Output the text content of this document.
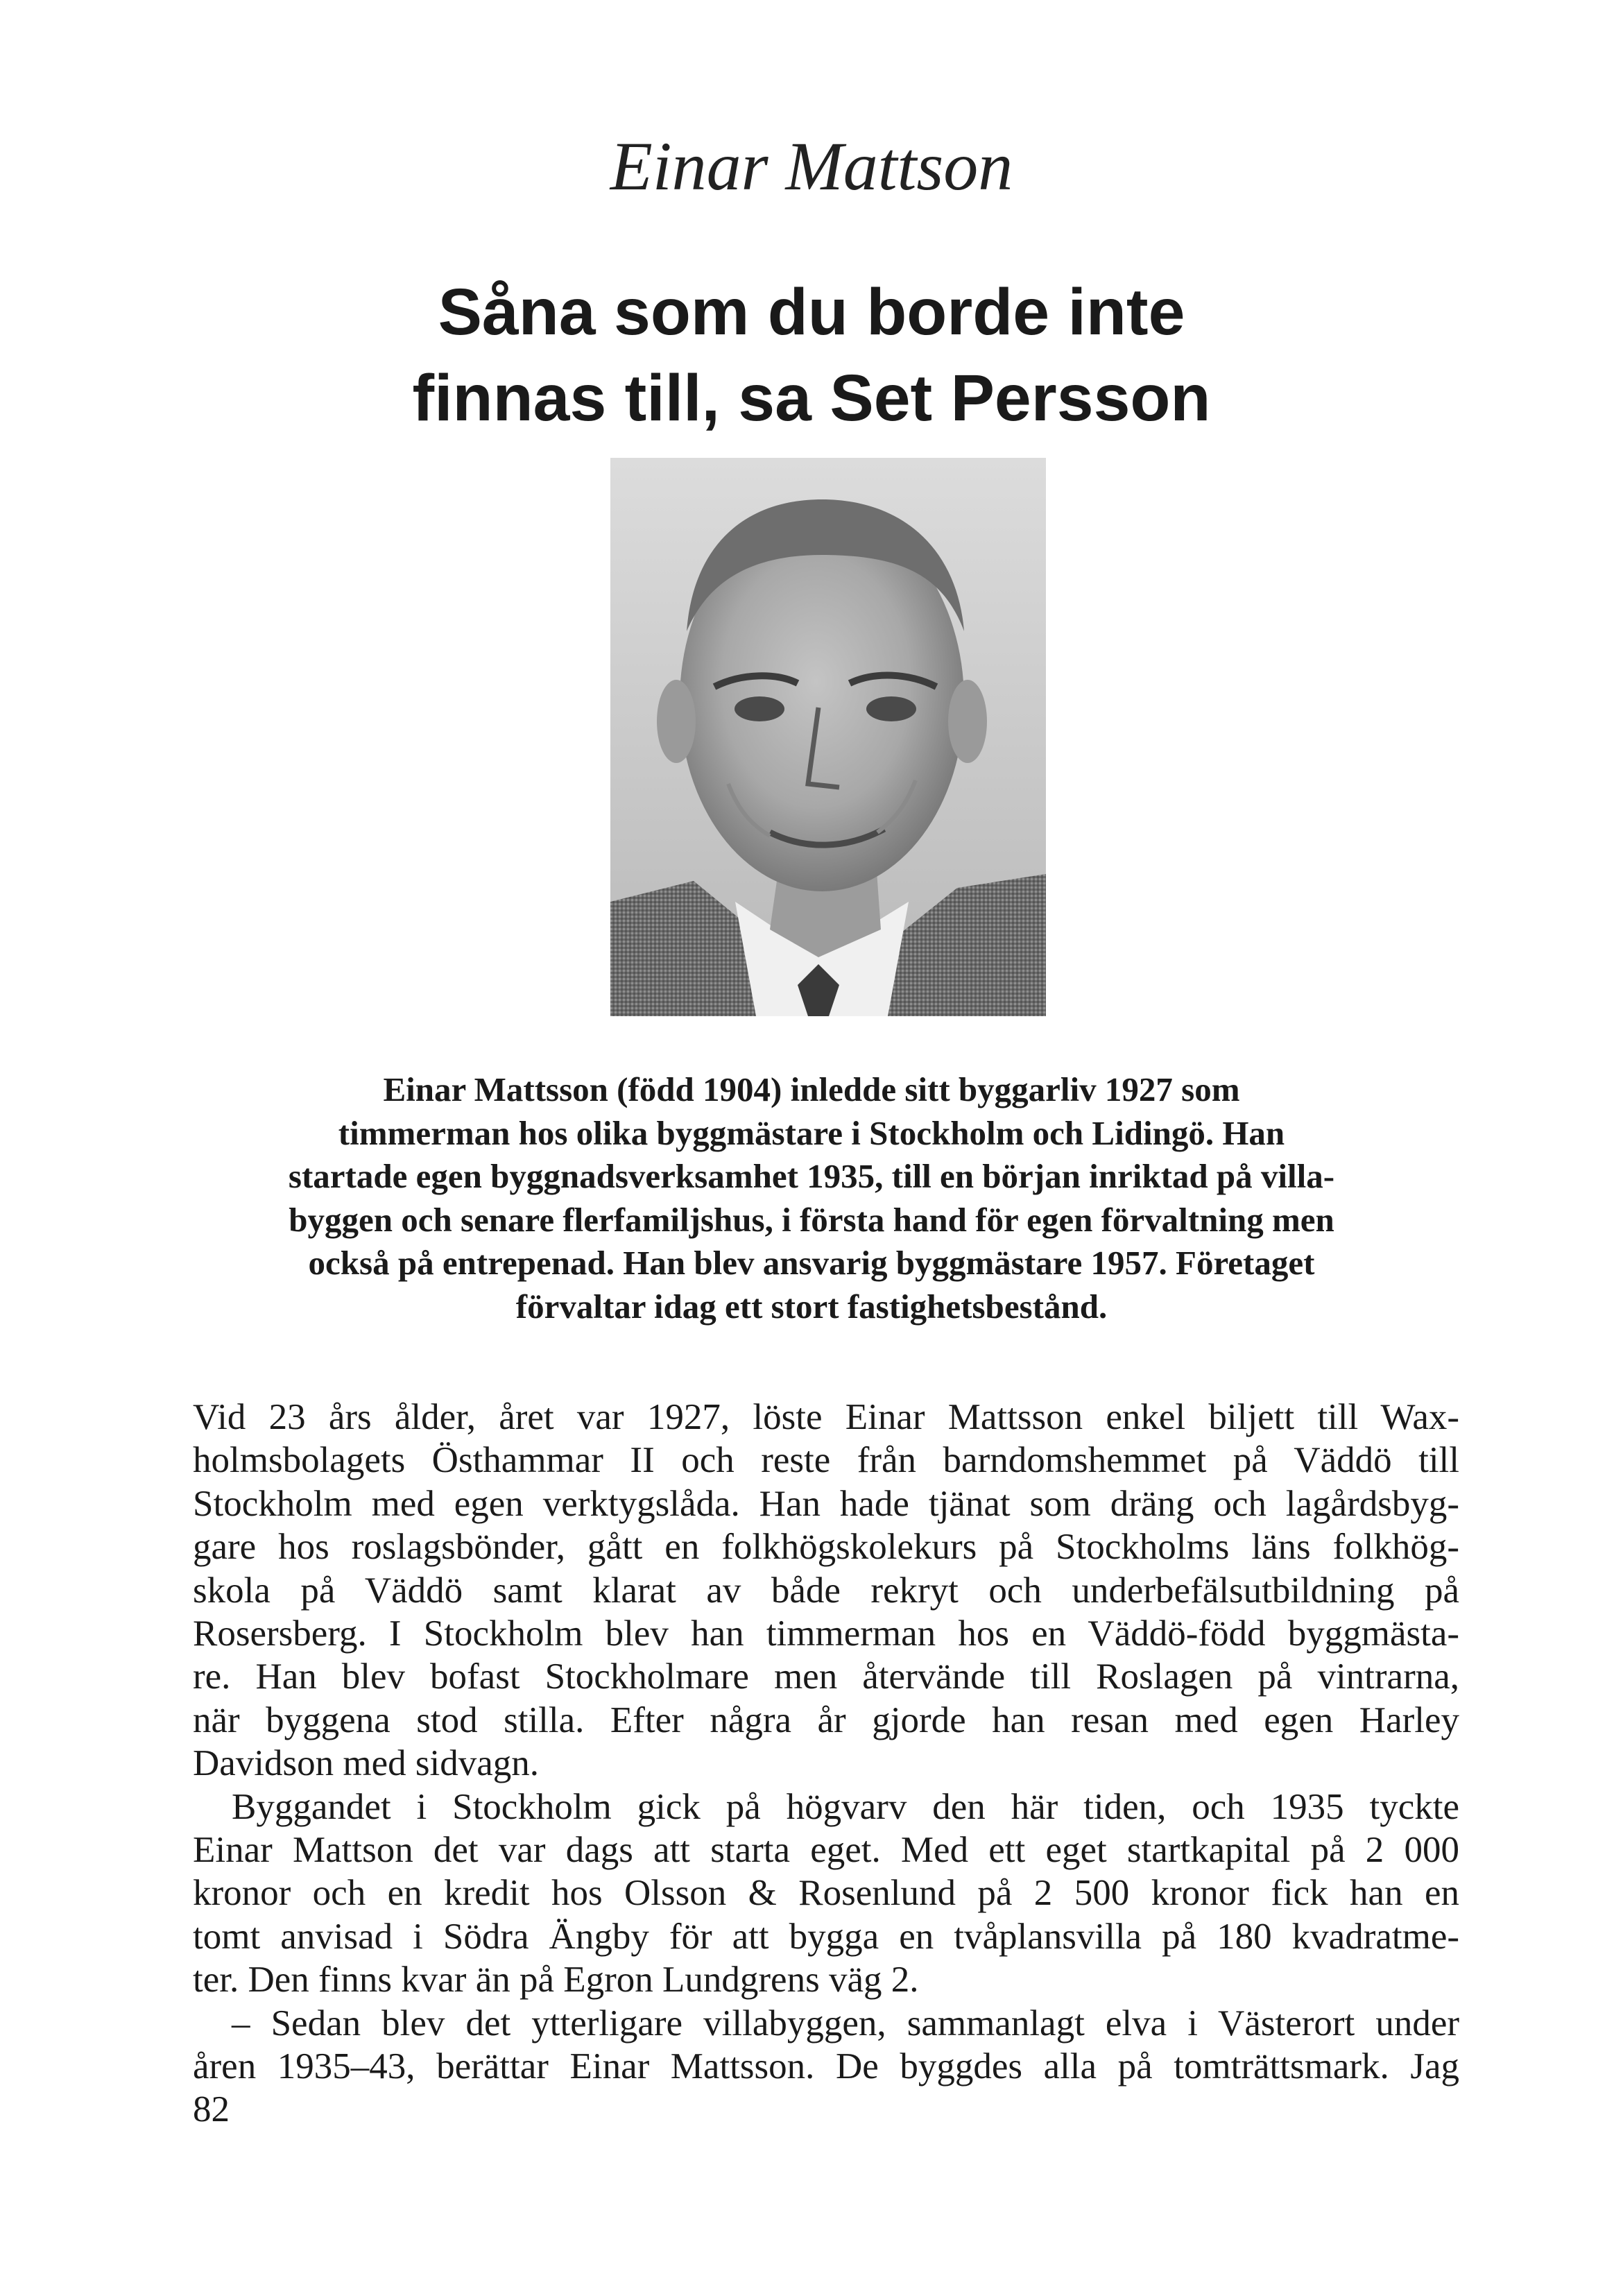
Einar Mattson
Såna som du borde inte
finnas till, sa Set Persson
Einar Mattsson (född 1904) inledde sitt byggarliv 1927 som
timmerman hos olika byggmästare i Stockholm och Lidingö. Han
startade egen byggnadsverksamhet 1935, till en början inriktad på villa-
byggen och senare flerfamiljshus, i första hand för egen förvaltning men
också på entrepenad. Han blev ansvarig byggmästare 1957. Företaget
förvaltar idag ett stort fastighetsbestånd.
Vid 23 års ålder, året var 1927, löste Einar Mattsson enkel biljett till Wax-
holmsbolagets Östhammar II och reste från barndomshemmet på Väddö till
Stockholm med egen verktygslåda. Han hade tjänat som dräng och lagårdsbyg-
gare hos roslagsbönder, gått en folkhögskolekurs på Stockholms läns folkhög-
skola på Väddö samt klarat av både rekryt och underbefälsutbildning på
Rosersberg. I Stockholm blev han timmerman hos en Väddö-född byggmästa-
re. Han blev bofast Stockholmare men återvände till Roslagen på vintrarna,
när byggena stod stilla. Efter några år gjorde han resan med egen Harley
Davidson med sidvagn.
Byggandet i Stockholm gick på högvarv den här tiden, och 1935 tyckte
Einar Mattson det var dags att starta eget. Med ett eget startkapital på 2 000
kronor och en kredit hos Olsson & Rosenlund på 2 500 kronor fick han en
tomt anvisad i Södra Ängby för att bygga en tvåplansvilla på 180 kvadratme-
ter. Den finns kvar än på Egron Lundgrens väg 2.
– Sedan blev det ytterligare villabyggen, sammanlagt elva i Västerort under
åren 1935–43, berättar Einar Mattsson. De byggdes alla på tomträttsmark. Jag
82
